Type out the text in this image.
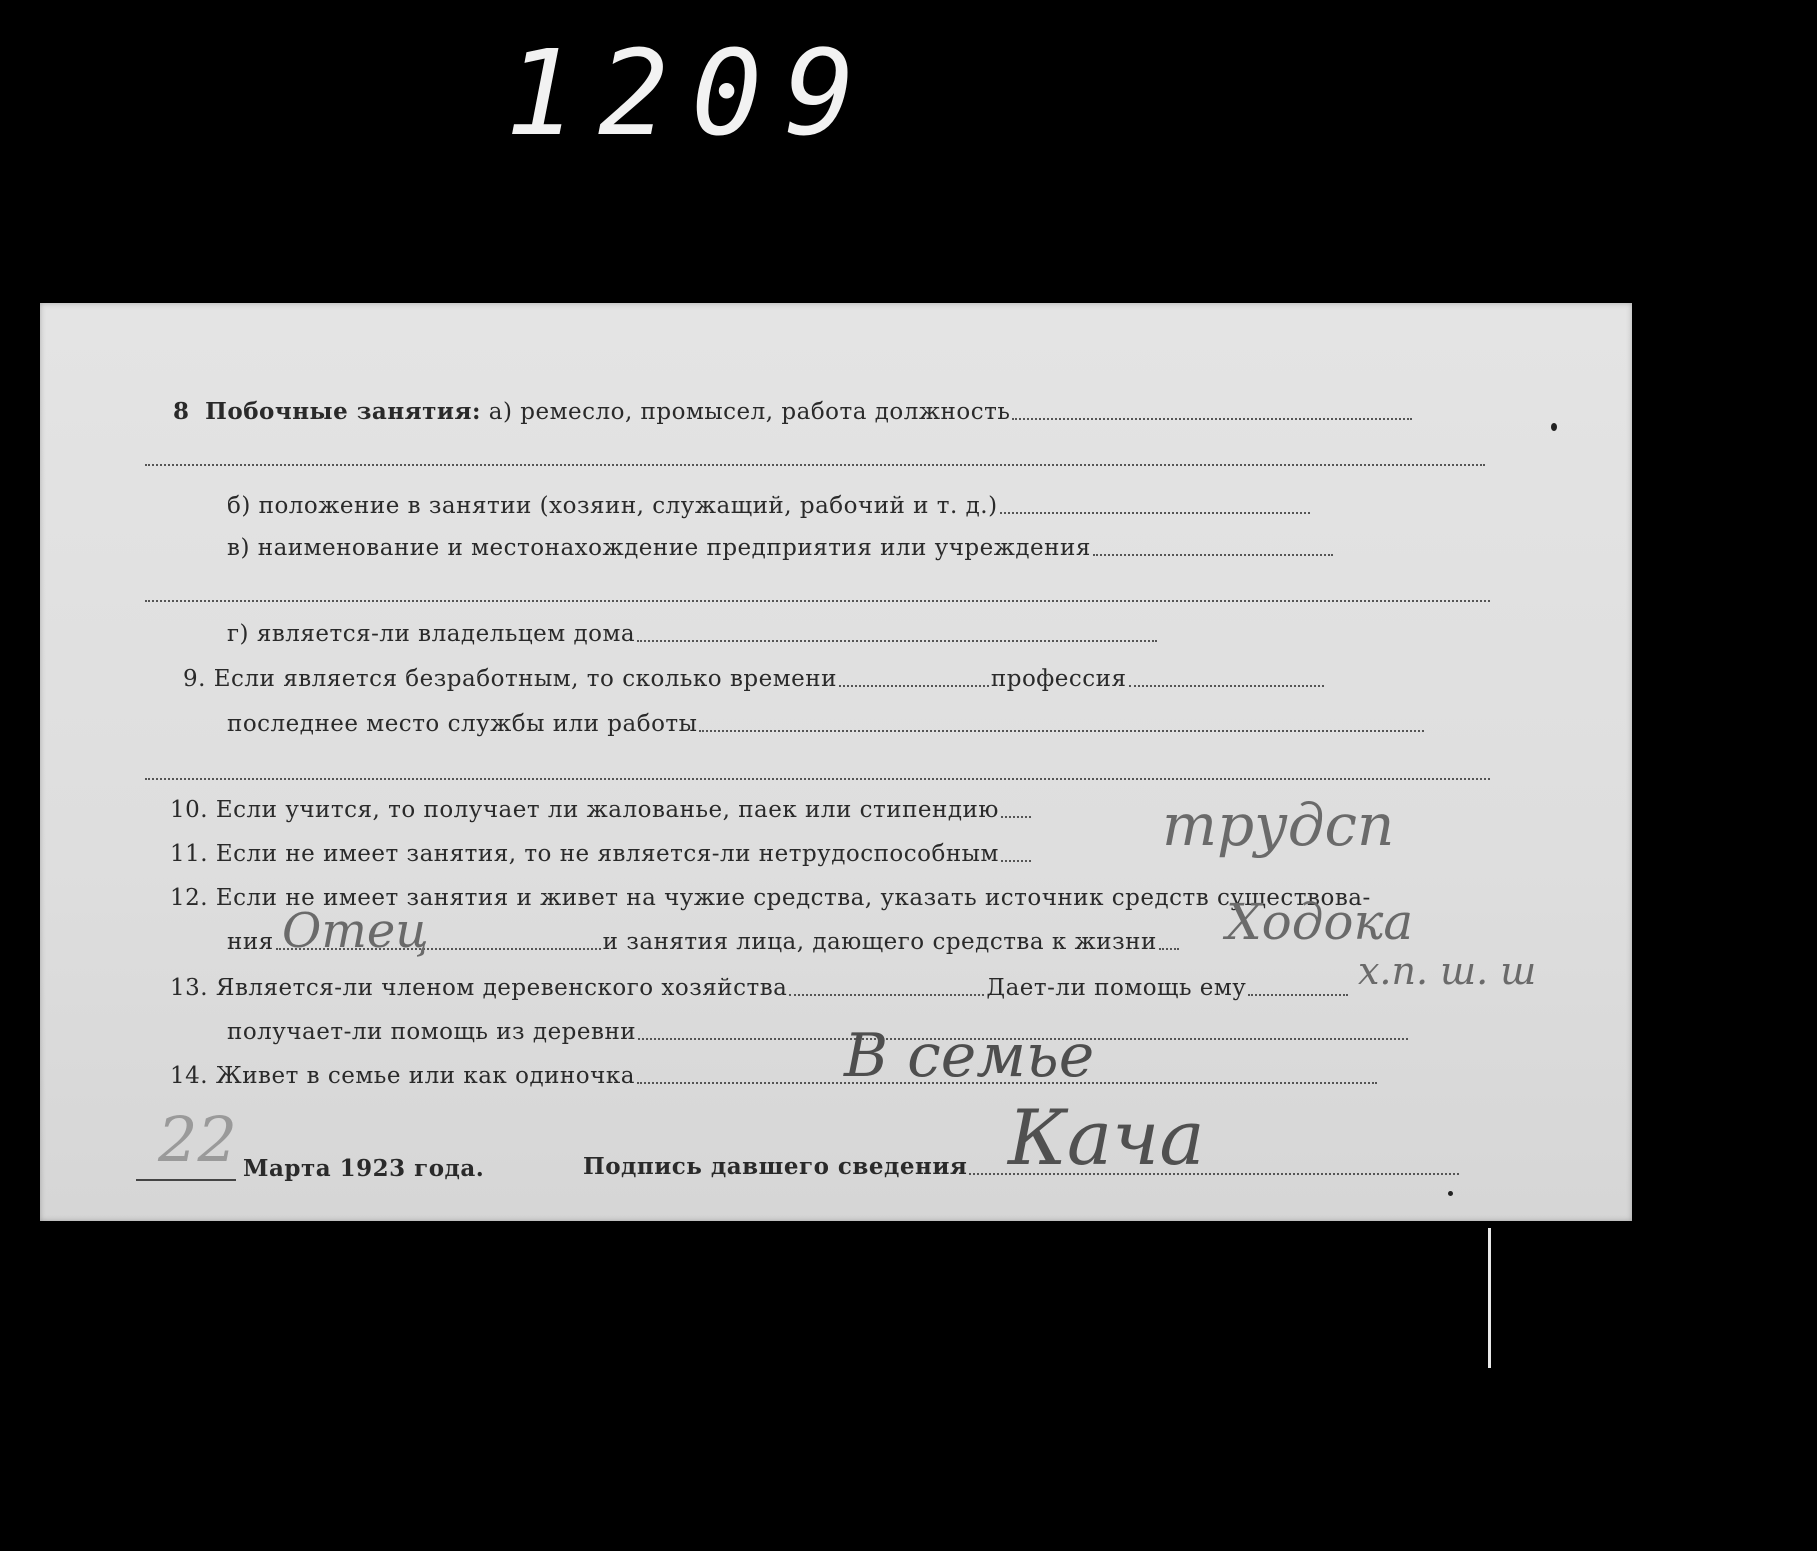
1209
8
Побочные занятия:
а) ремесло, промысел, работа должность
б) положение в занятии (хозяин, служащий, рабочий и т. д.)
в) наименование и местонахождение предприятия или учреждения
г) является-ли владельцем дома
9.
Если является безработным, то сколько времени	профессия
последнее место службы или работы
10.
Если учится, то получает ли жалованье, паек или стипендию
11.
Если не имеет занятия, то не является-ли нетрудоспособным
12.
Если не имеет занятия и живет на чужие средства, указать источник средств существова-
ния	и занятия лица, дающего средства к жизни
13.
Является-ли членом деревенского хозяйства	Дает-ли помощь ему
получает-ли помощь из деревни
14.
Живет в семье или как одиночка
Марта 1923 года.	Подпись давшего сведения
трудсп
Отец	Ходока
х.п. ш. ш
В семье
22	Кача
